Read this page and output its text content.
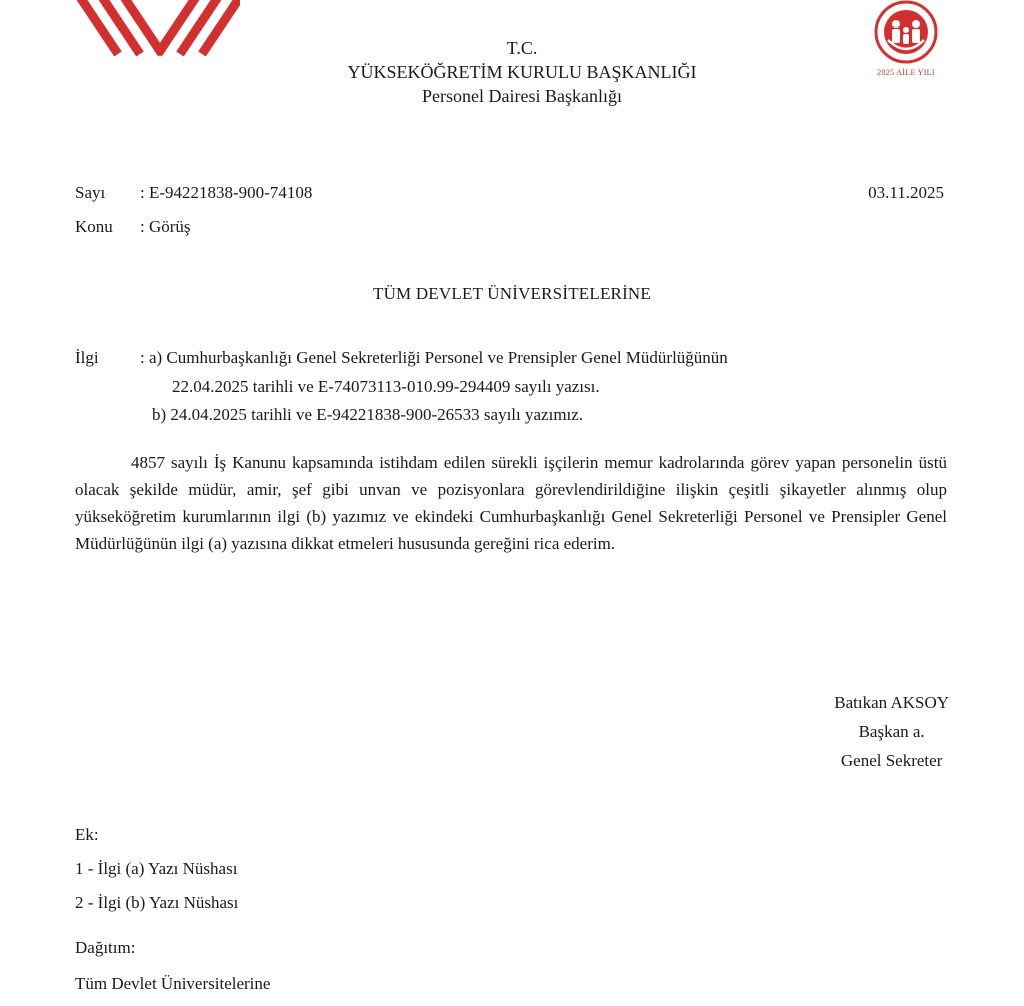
2025 AİLE YILI
T.C.
YÜKSEKÖĞRETİM KURULU BAŞKANLIĞI
Personel Dairesi Başkanlığı
Sayı : E-94221838-900-74108	03.11.2025
Konu : Görüş
TÜM DEVLET ÜNİVERSİTELERİNE
İlgi : a) Cumhurbaşkanlığı Genel Sekreterliği Personel ve Prensipler Genel Müdürlüğünün
22.04.2025 tarihli ve E-74073113-010.99-294409 sayılı yazısı.
b) 24.04.2025 tarihli ve E-94221838-900-26533 sayılı yazımız.
4857 sayılı İş Kanunu kapsamında istihdam edilen sürekli işçilerin memur kadrolarında görev yapan personelin üstü olacak şekilde müdür, amir, şef gibi unvan ve pozisyonlara görevlendirildiğine ilişkin çeşitli şikayetler alınmış olup yükseköğretim kurumlarının ilgi (b) yazımız ve ekindeki Cumhurbaşkanlığı Genel Sekreterliği Personel ve Prensipler Genel Müdürlüğünün ilgi (a) yazısına dikkat etmeleri hususunda gereğini rica ederim.
Batıkan AKSOY
Başkan a.
Genel Sekreter
Ek:
1 - İlgi (a) Yazı Nüshası
2 - İlgi (b) Yazı Nüshası
Dağıtım:
Tüm Devlet Üniversitelerine
